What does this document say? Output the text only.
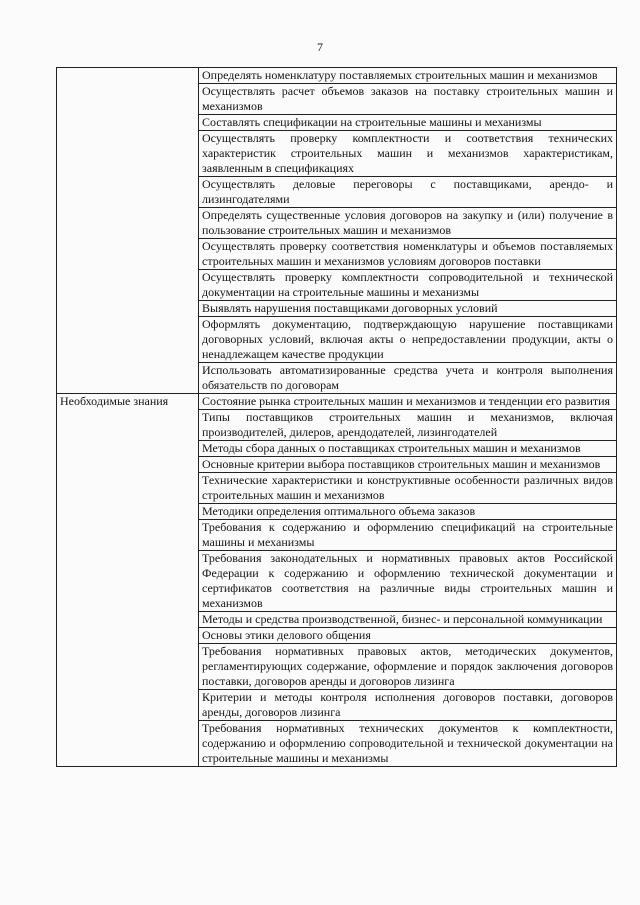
7
	Определять номенклатуру поставляемых строительных машин и механизмов
	Осуществлять расчет объемов заказов на поставку строительных машин и механизмов
	Составлять спецификации на строительные машины и механизмы
	Осуществлять проверку комплектности и соответствия технических характеристик строительных машин и механизмов характеристикам, заявленным в спецификациях
	Осуществлять деловые переговоры с поставщиками, арендо- и лизингодателями
	Определять существенные условия договоров на закупку и (или) получение в пользование строительных машин и механизмов
	Осуществлять проверку соответствия номенклатуры и объемов поставляемых строительных машин и механизмов условиям договоров поставки
	Осуществлять проверку комплектности сопроводительной и технической документации на строительные машины и механизмы
	Выявлять нарушения поставщиками договорных условий
	Оформлять документацию, подтверждающую нарушение поставщиками договорных условий, включая акты о непредоставлении продукции, акты о ненадлежащем качестве продукции
	Использовать автоматизированные средства учета и контроля выполнения обязательств по договорам
Необходимые знания	Состояние рынка строительных машин и механизмов и тенденции его развития
	Типы поставщиков строительных машин и механизмов, включая производителей, дилеров, арендодателей, лизингодателей
	Методы сбора данных о поставщиках строительных машин и механизмов
	Основные критерии выбора поставщиков строительных машин и механизмов
	Технические характеристики и конструктивные особенности различных видов строительных машин и механизмов
	Методики определения оптимального объема заказов
	Требования к содержанию и оформлению спецификаций на строительные машины и механизмы
	Требования законодательных и нормативных правовых актов Российской Федерации к содержанию и оформлению технической документации и сертификатов соответствия на различные виды строительных машин и механизмов
	Методы и средства производственной, бизнес- и персональной коммуникации
	Основы этики делового общения
	Требования нормативных правовых актов, методических документов, регламентирующих содержание, оформление и порядок заключения договоров поставки, договоров аренды и договоров лизинга
	Критерии и методы контроля исполнения договоров поставки, договоров аренды, договоров лизинга
	Требования нормативных технических документов к комплектности, содержанию и оформлению сопроводительной и технической документации на строительные машины и механизмы
